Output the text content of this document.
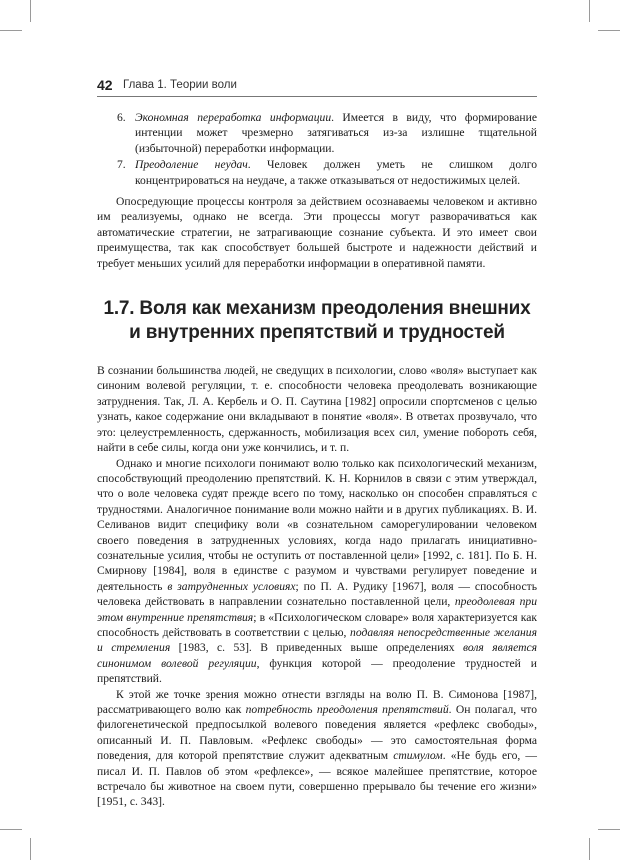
42 Глава 1. Теории воли
6. Экономная переработка информации. Имеется в виду, что формирование интенции может чрезмерно затягиваться из-за излишне тщательной (избыточной) переработки информации.
7. Преодоление неудач. Человек должен уметь не слишком долго концентрироваться на неудаче, а также отказываться от недостижимых целей.

Опосредующие процессы контроля за действием осознаваемы человеком и активно им реализуемы, однако не всегда. Эти процессы могут разворачиваться как автоматические стратегии, не затрагивающие сознание субъекта. И это имеет свои преимущества, так как способствует большей быстроте и надежности действий и требует меньших усилий для переработки информации в оперативной памяти.

1.7. Воля как механизм преодоления внешних
и внутренних препятствий и трудностей

В сознании большинства людей, не сведущих в психологии, слово «воля» выступает как синоним волевой регуляции, т. е. способности человека преодолевать возникающие затруднения. Так, Л. А. Кербель и О. П. Саутина [1982] опросили спортсменов с целью узнать, какое содержание они вкладывают в понятие «воля». В ответах прозвучало, что это: целеустремленность, сдержанность, мобилизация всех сил, умение побороть себя, найти в себе силы, когда они уже кончились, и т. п.

Однако и многие психологи понимают волю только как психологический механизм, способствующий преодолению препятствий. К. Н. Корнилов в связи с этим утверждал, что о воле человека судят прежде всего по тому, насколько он способен справляться с трудностями. Аналогичное понимание воли можно найти и в других публикациях. В. И. Селиванов видит специфику воли «в сознательном саморегулировании человеком своего поведения в затрудненных условиях, когда надо прилагать инициативно-сознательные усилия, чтобы не оступить от поставленной цели» [1992, с. 181]. По Б. Н. Смирнову [1984], воля в единстве с разумом и чувствами регулирует поведение и деятельность в затрудненных условиях; по П. А. Рудику [1967], воля — способность человека действовать в направлении сознательно поставленной цели, преодолевая при этом внутренние препятствия; в «Психологическом словаре» воля характеризуется как способность действовать в соответствии с целью, подавляя непосредственные желания и стремления [1983, с. 53]. В приведенных выше определениях воля является синонимом волевой регуляции, функция которой — преодоление трудностей и препятствий.

К этой же точке зрения можно отнести взгляды на волю П. В. Симонова [1987], рассматривающего волю как потребность преодоления препятствий. Он полагал, что филогенетической предпосылкой волевого поведения является «рефлекс свободы», описанный И. П. Павловым. «Рефлекс свободы» — это самостоятельная форма поведения, для которой препятствие служит адекватным стимулом. «Не будь его, — писал И. П. Павлов об этом «рефлексе», — всякое малейшее препятствие, которое встречало бы животное на своем пути, совершенно прерывало бы течение его жизни» [1951, с. 343].
